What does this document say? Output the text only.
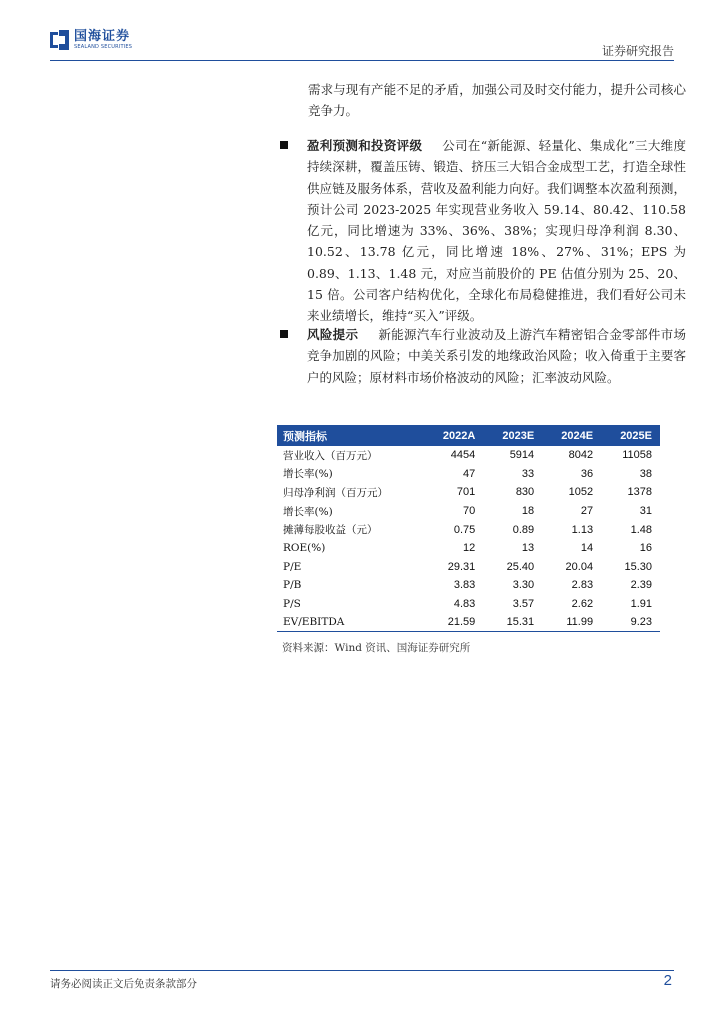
国海证券
SEALAND SECURITIES	证券研究报告

需求与现有产能不足的矛盾，加强公司及时交付能力，提升公司核心竞争力。

盈利预测和投资评级 公司在“新能源、轻量化、集成化”三大维度持续深耕，覆盖压铸、锻造、挤压三大铝合金成型工艺，打造全球性供应链及服务体系，营收及盈利能力向好。我们调整本次盈利预测，预计公司 2023-2025 年实现营业务收入 59.14、80.42、110.58 亿元，同比增速为 33%、36%、38%；实现归母净利润 8.30、10.52、13.78 亿元，同比增速 18%、27%、31%；EPS 为 0.89、1.13、1.48 元，对应当前股价的 PE 估值分别为 25、20、15 倍。公司客户结构优化，全球化布局稳健推进，我们看好公司未来业绩增长，维持“买入”评级。

风险提示 新能源汽车行业波动及上游汽车精密铝合金零部件市场竞争加剧的风险；中美关系引发的地缘政治风险；收入倚重于主要客户的风险；原材料市场价格波动的风险；汇率波动风险。

预测指标	2022A	2023E	2024E	2025E
营业收入（百万元）	4454	5914	8042	11058
增长率(%)	47	33	36	38
归母净利润（百万元）	701	830	1052	1378
增长率(%)	70	18	27	31
摊薄每股收益（元）	0.75	0.89	1.13	1.48
ROE(%)	12	13	14	16
P/E	29.31	25.40	20.04	15.30
P/B	3.83	3.30	2.83	2.39
P/S	4.83	3.57	2.62	1.91
EV/EBITDA	21.59	15.31	11.99	9.23
资料来源：Wind 资讯、国海证券研究所
请务必阅读正文后免责条款部分	2
